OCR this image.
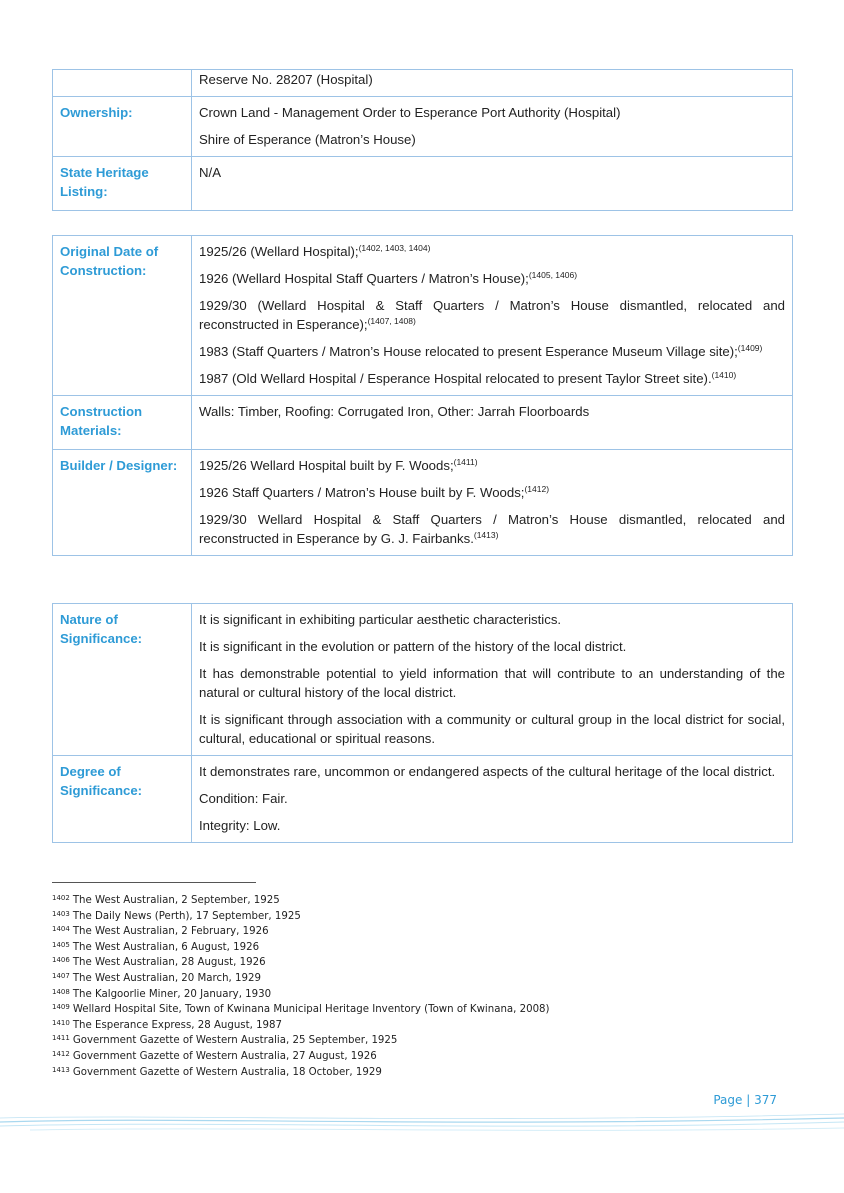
	Reserve No. 28207 (Hospital)

Ownership:	Crown Land - Management Order to Esperance Port Authority (Hospital)

Shire of Esperance (Matron’s House)

State Heritage Listing:	N/A

Original Date of Construction:	1925/26 (Wellard Hospital);$^{(1402, 1403, 1404)}$

1926 (Wellard Hospital Staff Quarters / Matron’s House);$^{(1405, 1406)}$

1929/30 (Wellard Hospital & Staff Quarters / Matron’s House dismantled, relocated and reconstructed in Esperance);$^{(1407, 1408)}$

1983 (Staff Quarters / Matron’s House relocated to present Esperance Museum Village site);$^{(1409)}$

1987 (Old Wellard Hospital / Esperance Hospital relocated to present Taylor Street site).$^{(1410)}$

Construction Materials:	Walls: Timber, Roofing: Corrugated Iron, Other: Jarrah Floorboards

Builder / Designer:	1925/26 Wellard Hospital built by F. Woods;$^{(1411)}$

1926 Staff Quarters / Matron’s House built by F. Woods;$^{(1412)}$

1929/30 Wellard Hospital & Staff Quarters / Matron’s House dismantled, relocated and reconstructed in Esperance by G. J. Fairbanks.$^{(1413)}$

Nature of Significance:	It is significant in exhibiting particular aesthetic characteristics.

It is significant in the evolution or pattern of the history of the local district.

It has demonstrable potential to yield information that will contribute to an understanding of the natural or cultural history of the local district.

It is significant through association with a community or cultural group in the local district for social, cultural, educational or spiritual reasons.

Degree of Significance:	It demonstrates rare, uncommon or endangered aspects of the cultural heritage of the local district.

Condition: Fair.

Integrity: Low.

$^{1402}$ The West Australian, 2 September, 1925
$^{1403}$ The Daily News (Perth), 17 September, 1925
$^{1404}$ The West Australian, 2 February, 1926
$^{1405}$ The West Australian, 6 August, 1926
$^{1406}$ The West Australian, 28 August, 1926
$^{1407}$ The West Australian, 20 March, 1929
$^{1408}$ The Kalgoorlie Miner, 20 January, 1930
$^{1409}$ Wellard Hospital Site, Town of Kwinana Municipal Heritage Inventory (Town of Kwinana, 2008)
$^{1410}$ The Esperance Express, 28 August, 1987
$^{1411}$ Government Gazette of Western Australia, 25 September, 1925
$^{1412}$ Government Gazette of Western Australia, 27 August, 1926
$^{1413}$ Government Gazette of Western Australia, 18 October, 1929
Page | 377
